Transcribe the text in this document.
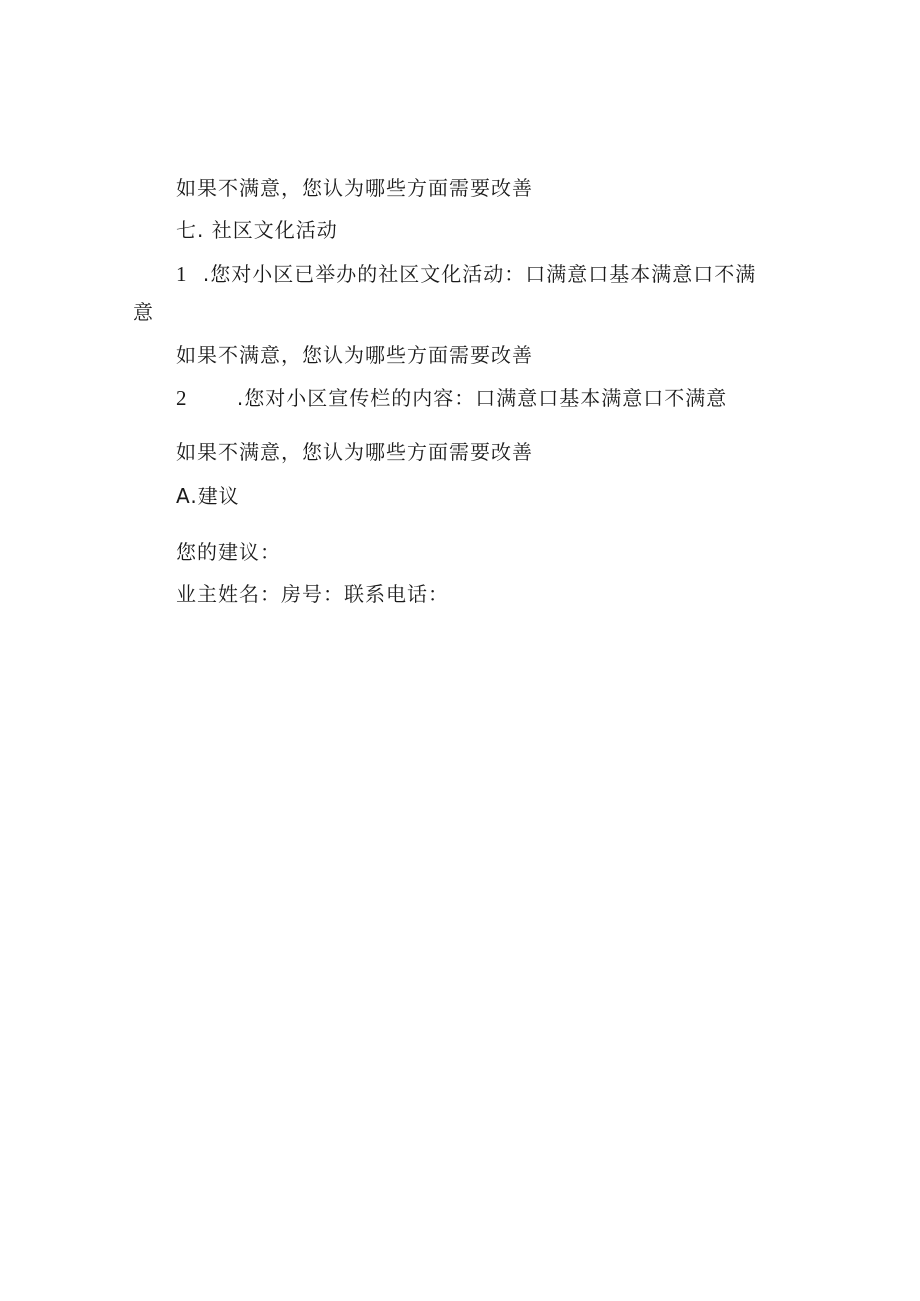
如果不满意，您认为哪些方面需要改善
七. 社区文化活动
1 .您对小区已举办的社区文化活动：口满意口基本满意口不满
意
如果不满意，您认为哪些方面需要改善
2 .您对小区宣传栏的内容：口满意口基本满意口不满意
如果不满意，您认为哪些方面需要改善
A.建议
您的建议：
业主姓名：房号：联系电话：
